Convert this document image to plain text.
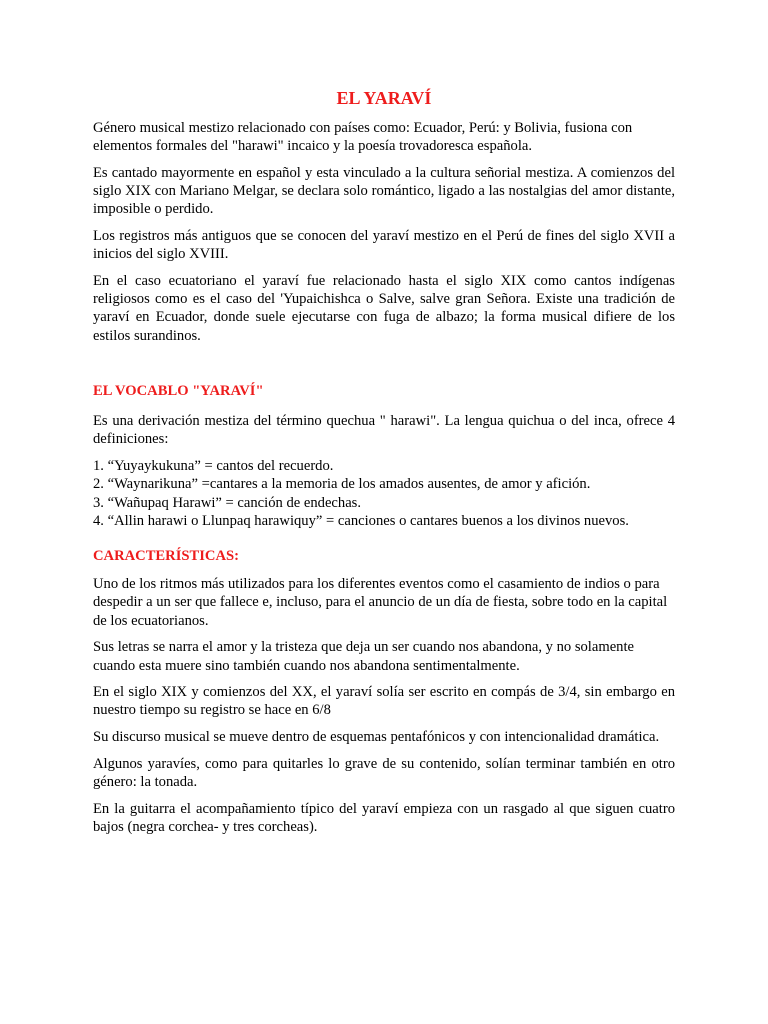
EL YARAVÍ

Género musical mestizo relacionado con países como: Ecuador, Perú: y Bolivia, fusiona con elementos formales del "harawi" incaico y la poesía trovadoresca española.

Es cantado mayormente en español y esta vinculado a la cultura señorial mestiza. A comienzos del siglo XIX con Mariano Melgar, se declara solo romántico, ligado a las nostalgias del amor distante, imposible o perdido.

Los registros más antiguos que se conocen del yaraví mestizo en el Perú de fines del siglo XVII a inicios del siglo XVIII.

En el caso ecuatoriano el yaraví fue relacionado hasta el siglo XIX como cantos indígenas religiosos como es el caso del 'Yupaichishca o Salve, salve gran Señora. Existe una tradición de yaraví en Ecuador, donde suele ejecutarse con fuga de albazo; la forma musical difiere de los estilos surandinos.

EL VOCABLO "YARAVÍ"

Es una derivación mestiza del término quechua " harawi". La lengua quichua o del inca, ofrece 4 definiciones:

1. “Yuyaykukuna” = cantos del recuerdo.
2. “Waynarikuna” =cantares a la memoria de los amados ausentes, de amor y afición.
3. “Wañupaq Harawi” = canción de endechas.
4. “Allin harawi o Llunpaq harawiquy” = canciones o cantares buenos a los divinos nuevos.
CARACTERÍSTICAS:

Uno de los ritmos más utilizados para los diferentes eventos como el casamiento de indios o para despedir a un ser que fallece e, incluso, para el anuncio de un día de fiesta, sobre todo en la capital de los ecuatorianos.

Sus letras se narra el amor y la tristeza que deja un ser cuando nos abandona, y no solamente cuando esta muere sino también cuando nos abandona sentimentalmente.

En el siglo XIX y comienzos del XX, el yaraví solía ser escrito en compás de 3/4, sin embargo en nuestro tiempo su registro se hace en 6/8

Su discurso musical se mueve dentro de esquemas pentafónicos y con intencionalidad dramática.

Algunos yaravíes, como para quitarles lo grave de su contenido, solían terminar también en otro género: la tonada.

En la guitarra el acompañamiento típico del yaraví empieza con un rasgado al que siguen cuatro bajos (negra corchea- y tres corcheas).
